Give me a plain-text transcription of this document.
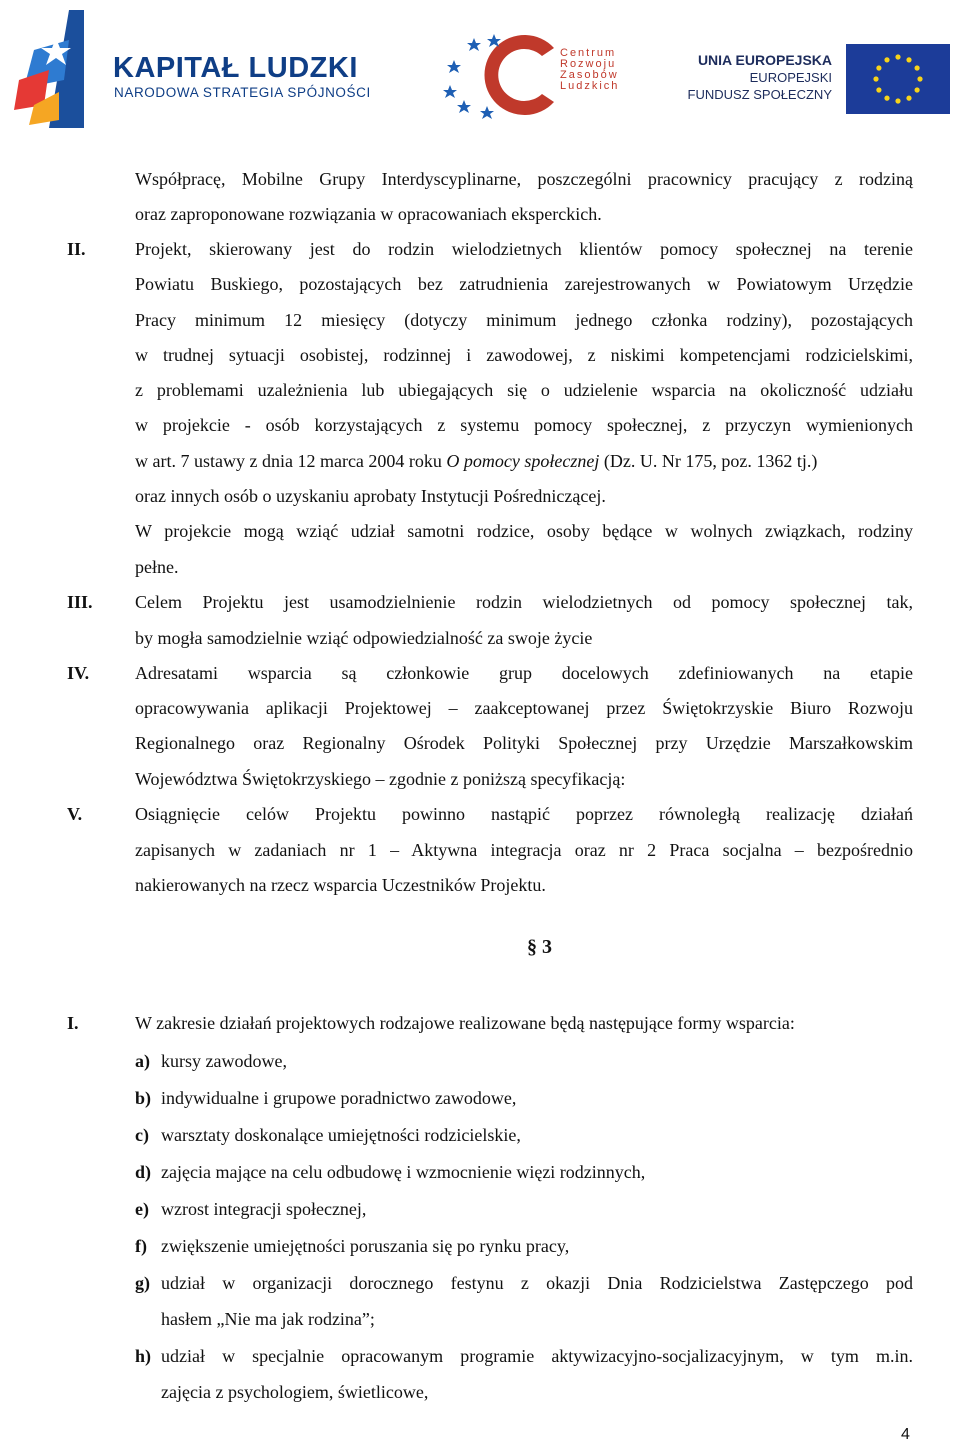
KAPITAŁ LUDZKI
NARODOWA STRATEGIA SPÓJNOŚCI
Centrum
Rozwoju
Zasobów
Ludzkich
UNIA EUROPEJSKA
EUROPEJSKI
FUNDUSZ SPOŁECZNY
Współpracę, Mobilne Grupy Interdyscyplinarne, poszczególni pracownicy pracujący z rodziną
oraz zaproponowane rozwiązania w opracowaniach eksperckich.
II.	Projekt, skierowany jest do rodzin wielodzietnych klientów pomocy społecznej na terenie
Powiatu Buskiego, pozostających bez zatrudnienia zarejestrowanych w Powiatowym Urzędzie
Pracy minimum 12 miesięcy (dotyczy minimum jednego członka rodziny), pozostających
w trudnej sytuacji osobistej, rodzinnej i zawodowej, z niskimi kompetencjami rodzicielskimi,
z problemami uzależnienia lub ubiegających się o udzielenie wsparcia na okoliczność udziału
w projekcie - osób korzystających z systemu pomocy społecznej, z przyczyn wymienionych
w art. 7 ustawy z dnia 12 marca 2004 roku O pomocy społecznej (Dz. U. Nr 175, poz. 1362 tj.)
oraz innych osób o uzyskaniu aprobaty Instytucji Pośredniczącej.
W projekcie mogą wziąć udział samotni rodzice, osoby będące w wolnych związkach, rodziny
pełne.
III. Celem Projektu jest usamodzielnienie rodzin wielodzietnych od pomocy społecznej tak,
by mogła samodzielnie wziąć odpowiedzialność za swoje życie
IV.	Adresatami wsparcia są członkowie grup docelowych zdefiniowanych na etapie
opracowywania aplikacji Projektowej – zaakceptowanej przez Świętokrzyskie Biuro Rozwoju
Regionalnego oraz Regionalny Ośrodek Polityki Społecznej przy Urzędzie Marszałkowskim
Województwa Świętokrzyskiego – zgodnie z poniższą specyfikacją:
V.	Osiągnięcie celów Projektu powinno nastąpić poprzez równoległą realizację działań
zapisanych w zadaniach nr 1 – Aktywna integracja oraz nr 2 Praca socjalna – bezpośrednio
nakierowanych na rzecz wsparcia Uczestników Projektu.
§ 3
I.	W zakresie działań projektowych rodzajowe realizowane będą następujące formy wsparcia:
a) kursy zawodowe,
b) indywidualne i grupowe poradnictwo zawodowe,
c) warsztaty doskonalące umiejętności rodzicielskie,
d) zajęcia mające na celu odbudowę i wzmocnienie więzi rodzinnych,
e) wzrost integracji społecznej,
f) zwiększenie umiejętności poruszania się po rynku pracy,
g) udział w organizacji dorocznego festynu z okazji Dnia Rodzicielstwa Zastępczego pod
hasłem „Nie ma jak rodzina”;
h) udział w specjalnie opracowanym programie aktywizacyjno-socjalizacyjnym, w tym m.in.
zajęcia z psychologiem, świetlicowe,
4
